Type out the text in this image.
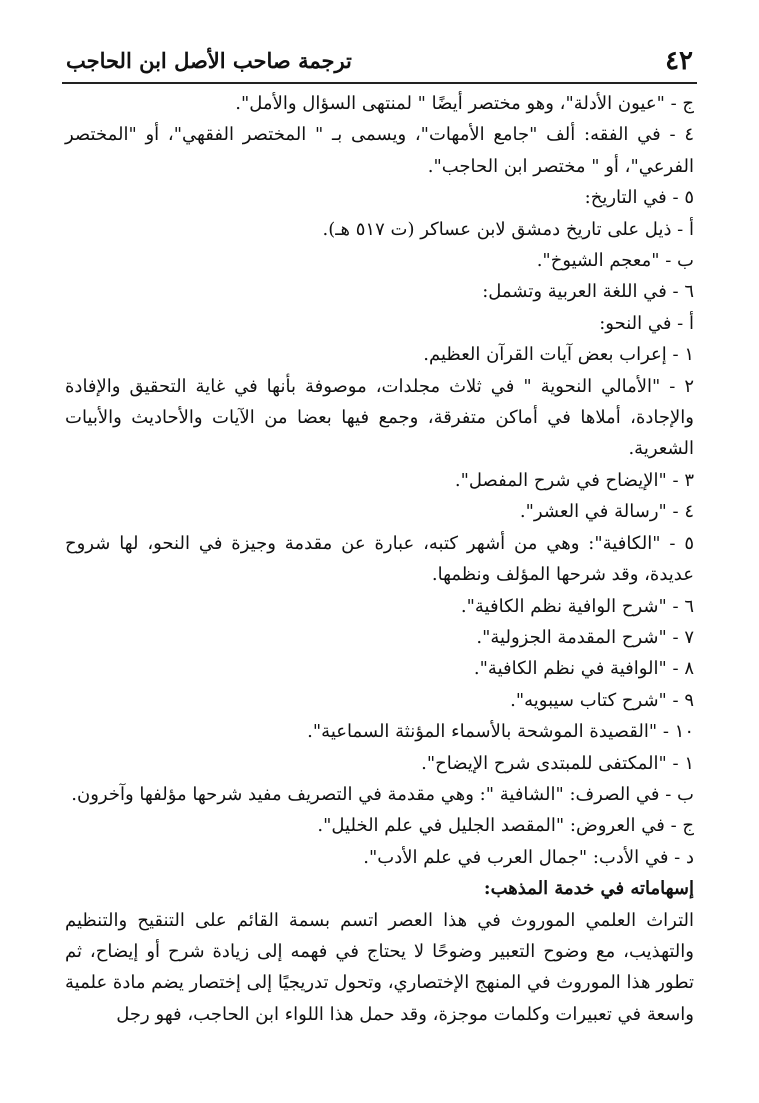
٤٢
ترجمة صاحب الأصل ابن الحاجب

ج - "عيون الأدلة"، وهو مختصر أيضًا " لمنتهى السؤال والأمل".

٤ - في الفقه: ألف "جامع الأمهات"، ويسمى بـ " المختصر الفقهي"، أو "المختصر الفرعي"، أو " مختصر ابن الحاجب".

٥ - في التاريخ:

أ - ذيل على تاريخ دمشق لابن عساكر (ت ٥١٧ هـ).

ب - "معجم الشيوخ".

٦ - في اللغة العربية وتشمل:

أ - في النحو:

١ - إعراب بعض آيات القرآن العظيم.

٢ - "الأمالي النحوية " في ثلاث مجلدات، موصوفة بأنها في غاية التحقيق والإفادة والإجادة، أملاها في أماكن متفرقة، وجمع فيها بعضا من الآيات والأحاديث والأبيات الشعرية.

٣ - "الإيضاح في شرح المفصل".

٤ - "رسالة في العشر".

٥ - "الكافية": وهي من أشهر كتبه، عبارة عن مقدمة وجيزة في النحو، لها شروح عديدة، وقد شرحها المؤلف ونظمها.

٦ - "شرح الوافية نظم الكافية".

٧ - "شرح المقدمة الجزولية".

٨ - "الوافية في نظم الكافية".

٩ - "شرح كتاب سيبويه".

١٠ - "القصيدة الموشحة بالأسماء المؤنثة السماعية".

١ - "المكتفى للمبتدى شرح الإيضاح".

ب - في الصرف: "الشافية ": وهي مقدمة في التصريف مفيد شرحها مؤلفها وآخرون.

ج - في العروض: "المقصد الجليل في علم الخليل".

د - في الأدب: "جمال العرب في علم الأدب".

إسهاماته في خدمة المذهب:

التراث العلمي الموروث في هذا العصر اتسم بسمة القائم على التنقيح والتنظيم والتهذيب، مع وضوح التعبير وضوحًا لا يحتاج في فهمه إلى زيادة شرح أو إيضاح، ثم تطور هذا الموروث في المنهج الإختصاري، وتحول تدريجيًا إلى إختصار يضم مادة علمية واسعة في تعبيرات وكلمات موجزة، وقد حمل هذا اللواء ابن الحاجب، فهو رجل
